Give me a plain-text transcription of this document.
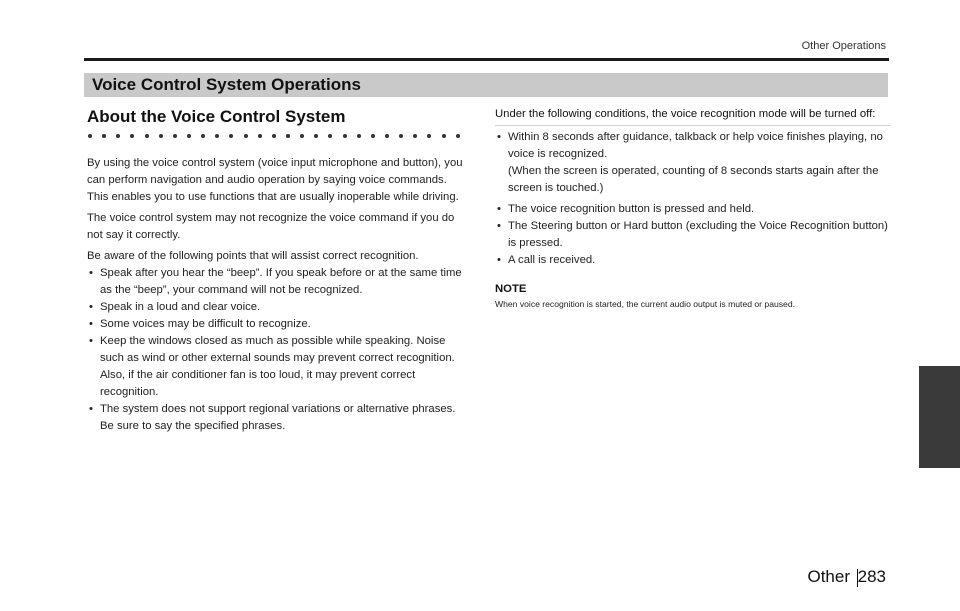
Other Operations
Voice Control System Operations
About the Voice Control System

By using the voice control system (voice input microphone and button), you can perform navigation and audio operation by saying voice commands. This enables you to use functions that are usually inoperable while driving.

The voice control system may not recognize the voice command if you do not say it correctly.

Be aware of the following points that will assist correct recognition.

• Speak after you hear the “beep”. If you speak before or at the same time as the “beep”, your command will not be recognized.
• Speak in a loud and clear voice.
• Some voices may be difficult to recognize.
• Keep the windows closed as much as possible while speaking. Noise such as wind or other external sounds may prevent correct recognition. Also, if the air conditioner fan is too loud, it may prevent correct recognition.
• The system does not support regional variations or alternative phrases. Be sure to say the specified phrases.

Under the following conditions, the voice recognition mode will be turned off:

• Within 8 seconds after guidance, talkback or help voice finishes playing, no voice is recognized.
(When the screen is operated, counting of 8 seconds starts again after the screen is touched.)
• The voice recognition button is pressed and held.
• The Steering button or Hard button (excluding the Voice Recognition button) is pressed.
• A call is received.
NOTE

When voice recognition is started, the current audio output is muted or paused.

Other 283
